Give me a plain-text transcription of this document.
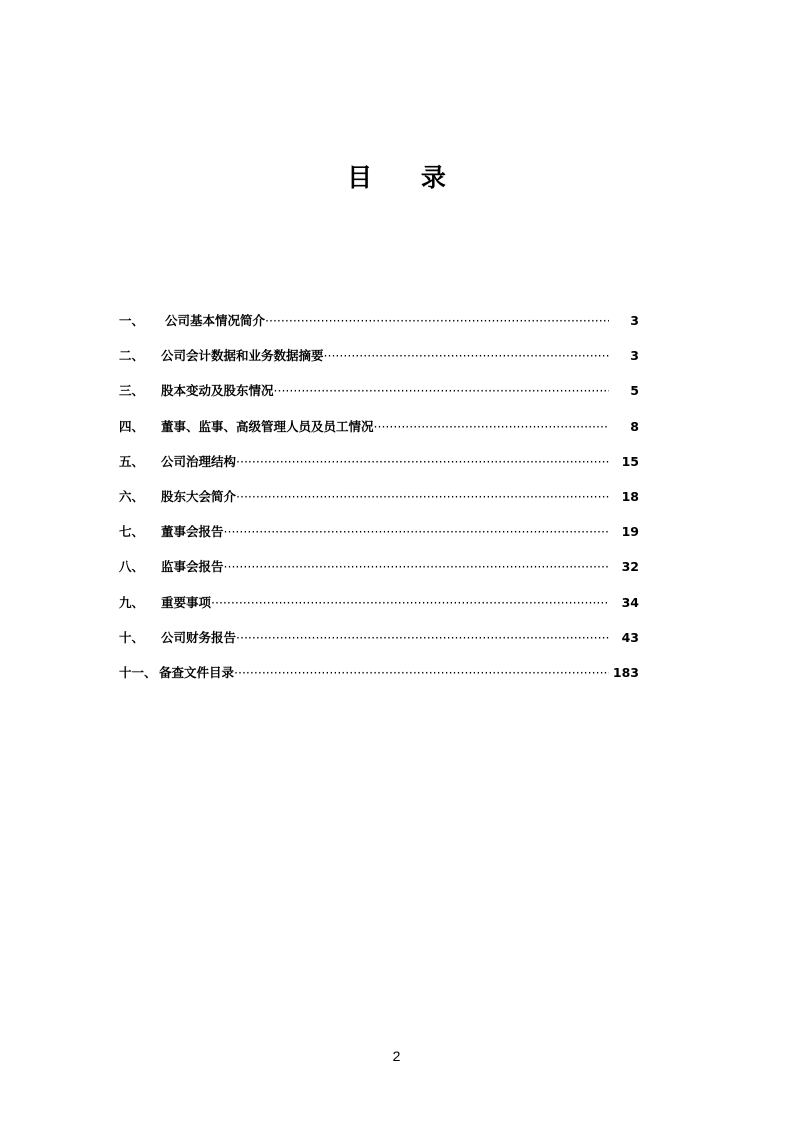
目 录
一、 公司基本情况简介 ·····	3
二、 公司会计数据和业务数据摘要 ·····	3
三、 股本变动及股东情况 ·····	5
四、 董事、监事、高级管理人员及员工情况 ·····	8
五、 公司治理结构 ·····	15
六、 股东大会简介 ·····	18
七、 董事会报告 ·····	19
八、 监事会报告 ·····	32
九、 重要事项 ·····	34
十、 公司财务报告 ·····	43
十一、 备查文件目录 ·····	183
2
